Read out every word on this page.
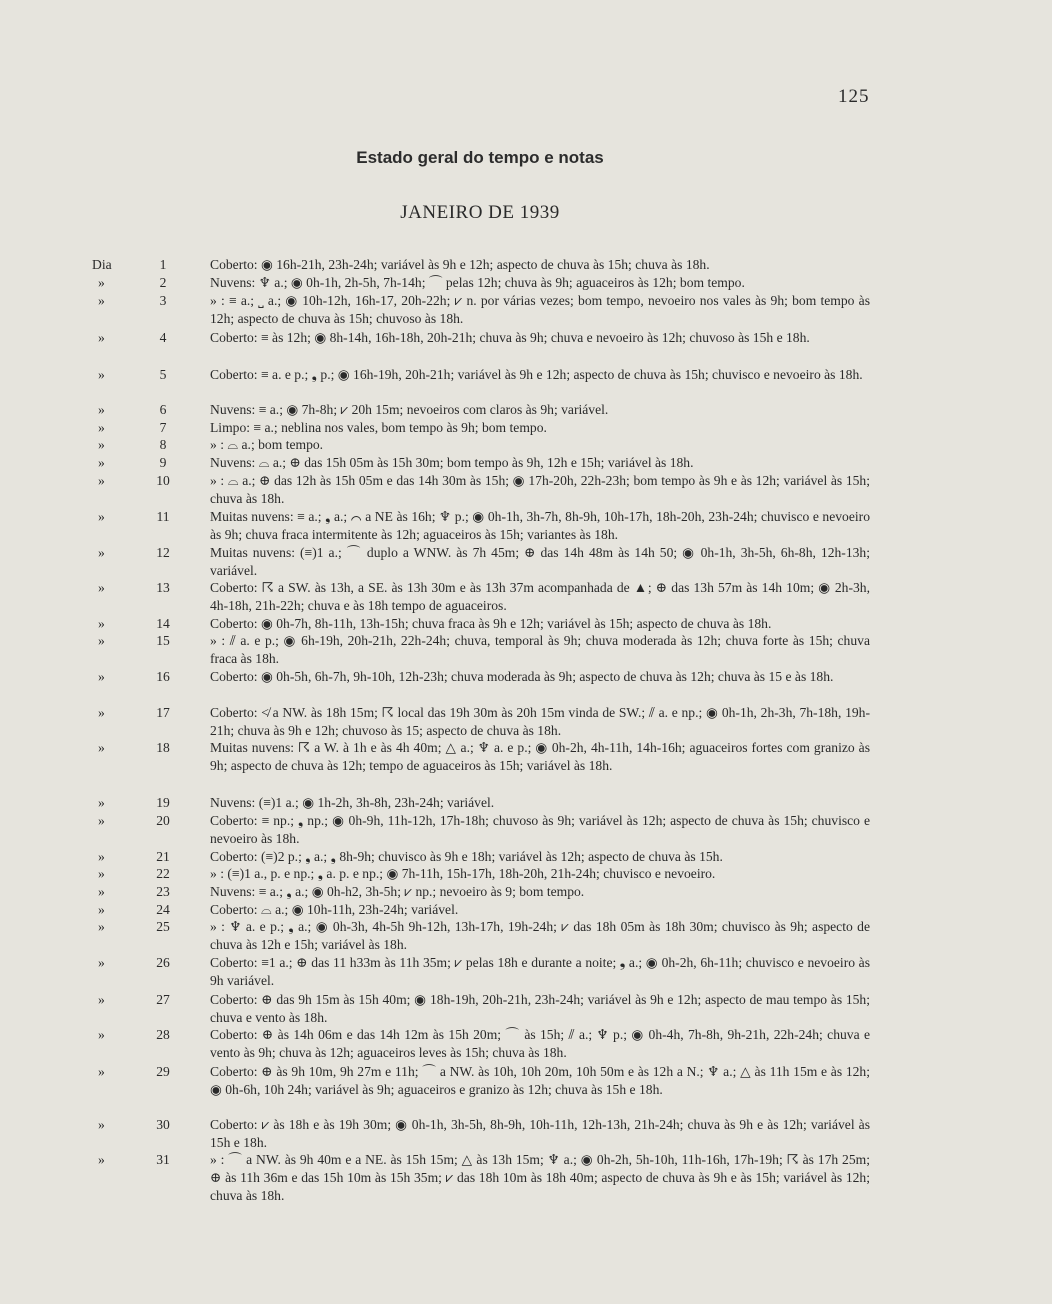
125
Estado geral do tempo e notas
JANEIRO DE 1939
Dia	1	Coberto: ◉ 16h-21h, 23h-24h; variável às 9h e 12h; aspecto de chuva às 15h; chuva às 18h.
»	2	Nuvens: ♆ a.; ◉ 0h-1h, 2h-5h, 7h-14h; ⌒ pelas 12h; chuva às 9h; aguaceiros às 12h; bom tempo.
»	3	» : ≡ a.; ⎵ a.; ◉ 10h-12h, 16h-17, 20h-22h; ⩗ n. por várias vezes; bom tempo, nevoeiro nos vales às 9h; bom tempo às 12h; aspecto de chuva às 15h; chuvoso às 18h.
»	4	Coberto: ≡ às 12h; ◉ 8h-14h, 16h-18h, 20h-21h; chuva às 9h; chuva e nevoeiro às 12h; chuvoso às 15h e 18h.
»	5	Coberto: ≡ a. e p.; ❟ p.; ◉ 16h-19h, 20h-21h; variável às 9h e 12h; aspecto de chuva às 15h; chuvisco e nevoeiro às 18h.
»	6	Nuvens: ≡ a.; ◉ 7h-8h; ⩗ 20h 15m; nevoeiros com claros às 9h; variável.
»	7	Limpo: ≡ a.; neblina nos vales, bom tempo às 9h; bom tempo.
»	8	» : ⌓ a.; bom tempo.
»	9	Nuvens: ⌓ a.; ⊕ das 15h 05m às 15h 30m; bom tempo às 9h, 12h e 15h; variável às 18h.
»	10	» : ⌓ a.; ⊕ das 12h às 15h 05m e das 14h 30m às 15h; ◉ 17h-20h, 22h-23h; bom tempo às 9h e às 12h; variável às 15h; chuva às 18h.
»	11	Muitas nuvens: ≡ a.; ❟ a.; ⌒ a NE às 16h; ♆ p.; ◉ 0h-1h, 3h-7h, 8h-9h, 10h-17h, 18h-20h, 23h-24h; chuvisco e nevoeiro às 9h; chuva fraca intermitente às 12h; aguaceiros às 15h; variantes às 18h.
»	12	Muitas nuvens: (≡)1 a.; ⌒ duplo a WNW. às 7h 45m; ⊕ das 14h 48m às 14h 50; ◉ 0h-1h, 3h-5h, 6h-8h, 12h-13h; variável.
»	13	Coberto: ☈ a SW. às 13h, a SE. às 13h 30m e às 13h 37m acompanhada de ▲; ⊕ das 13h 57m às 14h 10m; ◉ 2h-3h, 4h-18h, 21h-22h; chuva e às 18h tempo de aguaceiros.
»	14	Coberto: ◉ 0h-7h, 8h-11h, 13h-15h; chuva fraca às 9h e 12h; variável às 15h; aspecto de chuva às 18h.
»	15	» : ⫽ a. e p.; ◉ 6h-19h, 20h-21h, 22h-24h; chuva, temporal às 9h; chuva moderada às 12h; chuva forte às 15h; chuva fraca às 18h.
»	16	Coberto: ◉ 0h-5h, 6h-7h, 9h-10h, 12h-23h; chuva moderada às 9h; aspecto de chuva às 12h; chuva às 15 e às 18h.
»	17	Coberto: ≮ a NW. às 18h 15m; ☈ local das 19h 30m às 20h 15m vinda de SW.; ⫽ a. e np.; ◉ 0h-1h, 2h-3h, 7h-18h, 19h-21h; chuva às 9h e 12h; chuvoso às 15; aspecto de chuva às 18h.
»	18	Muitas nuvens: ☈ a W. à 1h e às 4h 40m; △ a.; ♆ a. e p.; ◉ 0h-2h, 4h-11h, 14h-16h; aguaceiros fortes com granizo às 9h; aspecto de chuva às 12h; tempo de aguaceiros às 15h; variável às 18h.
»	19	Nuvens: (≡)1 a.; ◉ 1h-2h, 3h-8h, 23h-24h; variável.
»	20	Coberto: ≡ np.; ❟ np.; ◉ 0h-9h, 11h-12h, 17h-18h; chuvoso às 9h; variável às 12h; aspecto de chuva às 15h; chuvisco e nevoeiro às 18h.
»	21	Coberto: (≡)2 p.; ❟ a.; ❟ 8h-9h; chuvisco às 9h e 18h; variável às 12h; aspecto de chuva às 15h.
»	22	» : (≡)1 a., p. e np.; ❟ a. p. e np.; ◉ 7h-11h, 15h-17h, 18h-20h, 21h-24h; chuvisco e nevoeiro.
»	23	Nuvens: ≡ a.; ❟ a.; ◉ 0h-h2, 3h-5h; ⩗ np.; nevoeiro às 9; bom tempo.
»	24	Coberto: ⌓ a.; ◉ 10h-11h, 23h-24h; variável.
»	25	» : ♆ a. e p.; ❟ a.; ◉ 0h-3h, 4h-5h 9h-12h, 13h-17h, 19h-24h; ⩗ das 18h 05m às 18h 30m; chuvisco às 9h; aspecto de chuva às 12h e 15h; variável às 18h.
»	26	Coberto: ≡1 a.; ⊕ das 11 h33m às 11h 35m; ⩗ pelas 18h e durante a noite; ❟ a.; ◉ 0h-2h, 6h-11h; chuvisco e nevoeiro às 9h variável.
»	27	Coberto: ⊕ das 9h 15m às 15h 40m; ◉ 18h-19h, 20h-21h, 23h-24h; variável às 9h e 12h; aspecto de mau tempo às 15h; chuva e vento às 18h.
»	28	Coberto: ⊕ às 14h 06m e das 14h 12m às 15h 20m; ⌒ às 15h; ⫽ a.; ♆ p.; ◉ 0h-4h, 7h-8h, 9h-21h, 22h-24h; chuva e vento às 9h; chuva às 12h; aguaceiros leves às 15h; chuva às 18h.
»	29	Coberto: ⊕ às 9h 10m, 9h 27m e 11h; ⌒ a NW. às 10h, 10h 20m, 10h 50m e às 12h a N.; ♆ a.; △ às 11h 15m e às 12h; ◉ 0h-6h, 10h 24h; variável às 9h; aguaceiros e granizo às 12h; chuva às 15h e 18h.
»	30	Coberto: ⩗ às 18h e às 19h 30m; ◉ 0h-1h, 3h-5h, 8h-9h, 10h-11h, 12h-13h, 21h-24h; chuva às 9h e às 12h; variável às 15h e 18h.
»	31	» : ⌒ a NW. às 9h 40m e a NE. às 15h 15m; △ às 13h 15m; ♆ a.; ◉ 0h-2h, 5h-10h, 11h-16h, 17h-19h; ☈ às 17h 25m; ⊕ às 11h 36m e das 15h 10m às 15h 35m; ⩗ das 18h 10m às 18h 40m; aspecto de chuva às 9h e às 15h; variável às 12h; chuva às 18h.
